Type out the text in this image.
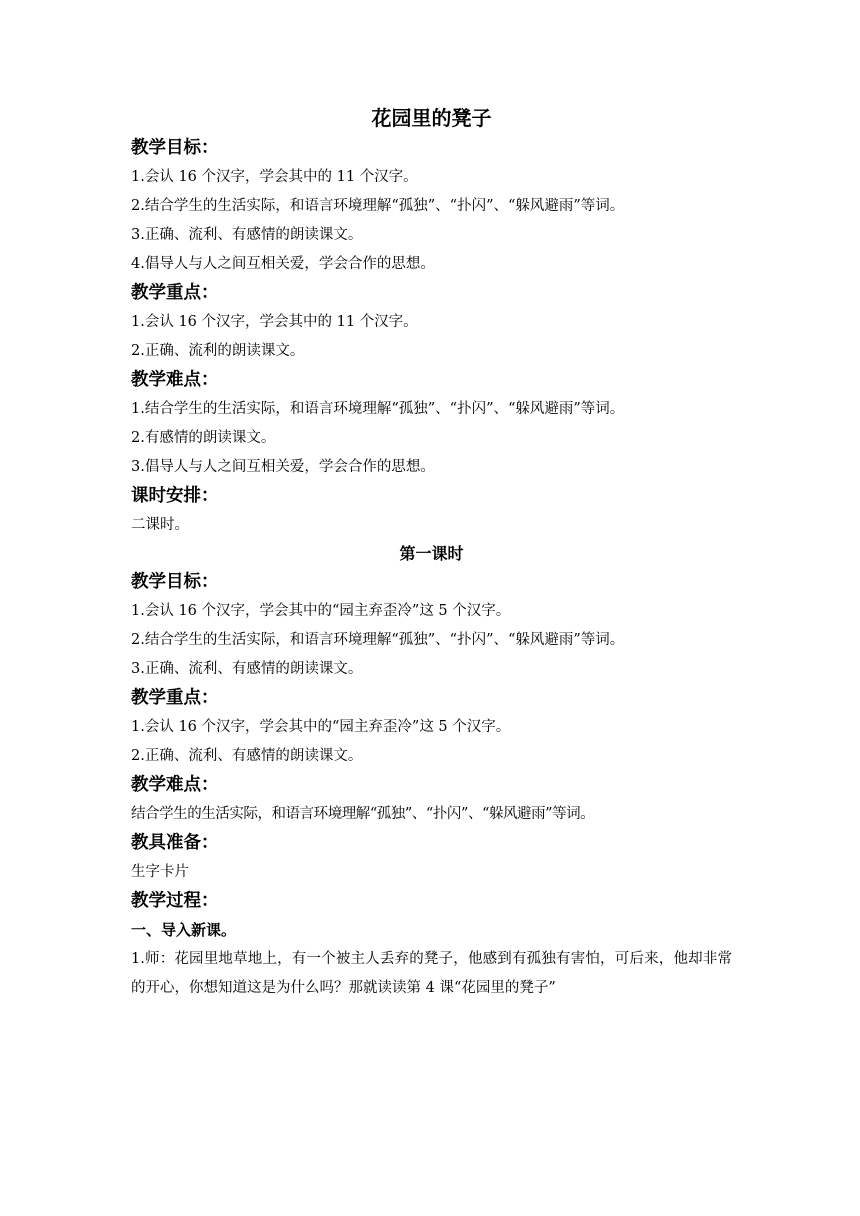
花园里的凳子
教学目标：
1.会认 16 个汉字，学会其中的 11 个汉字。
2.结合学生的生活实际，和语言环境理解“孤独”、“扑闪”、“躲风避雨”等词。
3.正确、流利、有感情的朗读课文。
4.倡导人与人之间互相关爱，学会合作的思想。
教学重点：
1.会认 16 个汉字，学会其中的 11 个汉字。
2.正确、流利的朗读课文。
教学难点：
1.结合学生的生活实际，和语言环境理解“孤独”、“扑闪”、“躲风避雨”等词。
2.有感情的朗读课文。
3.倡导人与人之间互相关爱，学会合作的思想。
课时安排：
二课时。
第一课时
教学目标：
1.会认 16 个汉字，学会其中的“园主弃歪冷”这 5 个汉字。
2.结合学生的生活实际，和语言环境理解“孤独”、“扑闪”、“躲风避雨”等词。
3.正确、流利、有感情的朗读课文。
教学重点：
1.会认 16 个汉字，学会其中的“园主弃歪冷”这 5 个汉字。
2.正确、流利、有感情的朗读课文。
教学难点：
结合学生的生活实际，和语言环境理解“孤独”、“扑闪”、“躲风避雨”等词。
教具准备：
生字卡片
教学过程：
一、导入新课。
1.师：花园里地草地上，有一个被主人丢弃的凳子，他感到有孤独有害怕，可后来，他却非常的开心，你想知道这是为什么吗？那就读读第 4 课“花园里的凳子”
